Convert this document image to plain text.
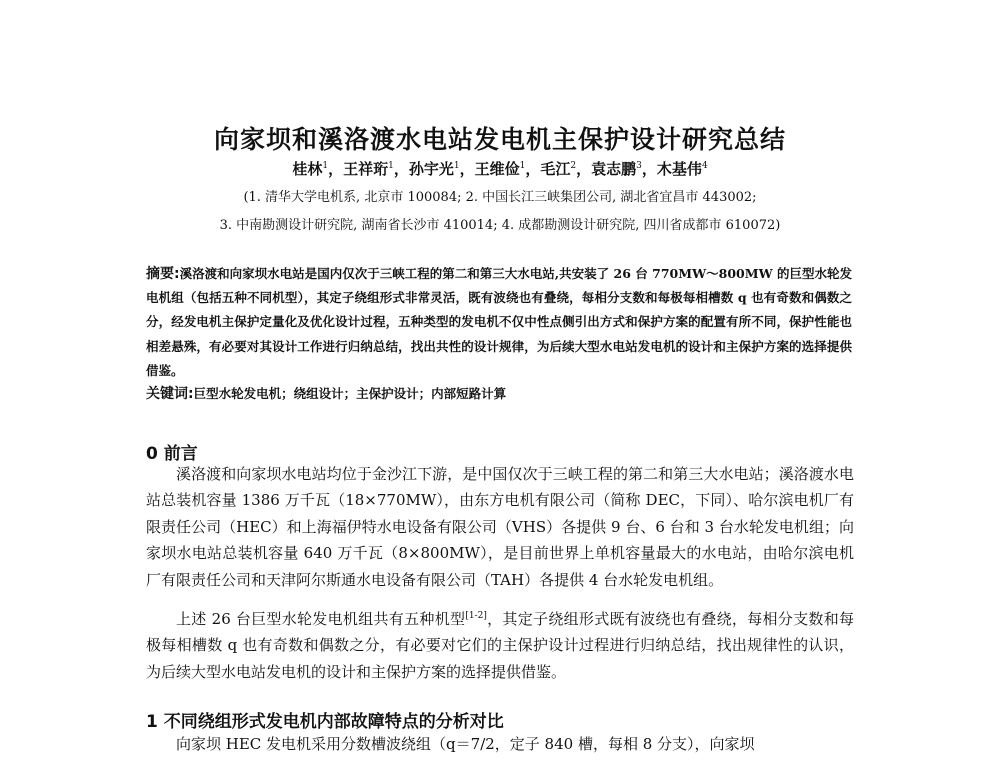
向家坝和溪洛渡水电站发电机主保护设计研究总结
桂林$^1$，王祥珩$^1$，孙宇光$^1$，王维俭$^1$，毛江$^2$，袁志鹏$^3$，木基伟$^4$
(1. 清华大学电机系, 北京市 100084; 2. 中国长江三峡集团公司, 湖北省宜昌市 443002;
3. 中南勘测设计研究院, 湖南省长沙市 410014; 4. 成都勘测设计研究院, 四川省成都市 610072)
摘要:溪洛渡和向家坝水电站是国内仅次于三峡工程的第二和第三大水电站,共安装了 26 台 770MW～800MW 的巨型水轮发电机组（包括五种不同机型），其定子绕组形式非常灵活，既有波绕也有叠绕，每相分支数和每极每相槽数 q 也有奇数和偶数之分，经发电机主保护定量化及优化设计过程，五种类型的发电机不仅中性点侧引出方式和保护方案的配置有所不同，保护性能也相差悬殊，有必要对其设计工作进行归纳总结，找出共性的设计规律，为后续大型水电站发电机的设计和主保护方案的选择提供借鉴。
关键词:巨型水轮发电机；绕组设计；主保护设计；内部短路计算
0 前言
溪洛渡和向家坝水电站均位于金沙江下游，是中国仅次于三峡工程的第二和第三大水电站；溪洛渡水电站总装机容量 1386 万千瓦（18×770MW），由东方电机有限公司（简称 DEC，下同）、哈尔滨电机厂有限责任公司（HEC）和上海福伊特水电设备有限公司（VHS）各提供 9 台、6 台和 3 台水轮发电机组；向家坝水电站总装机容量 640 万千瓦（8×800MW），是目前世界上单机容量最大的水电站，由哈尔滨电机厂有限责任公司和天津阿尔斯通水电设备有限公司（TAH）各提供 4 台水轮发电机组。
上述 26 台巨型水轮发电机组共有五种机型[1-2]，其定子绕组形式既有波绕也有叠绕，每相分支数和每极每相槽数 q 也有奇数和偶数之分，有必要对它们的主保护设计过程进行归纳总结，找出规律性的认识，为后续大型水电站发电机的设计和主保护方案的选择提供借鉴。
1 不同绕组形式发电机内部故障特点的分析对比
向家坝 HEC 发电机采用分数槽波绕组（q＝7/2，定子 840 槽，每相 8 分支），向家坝
